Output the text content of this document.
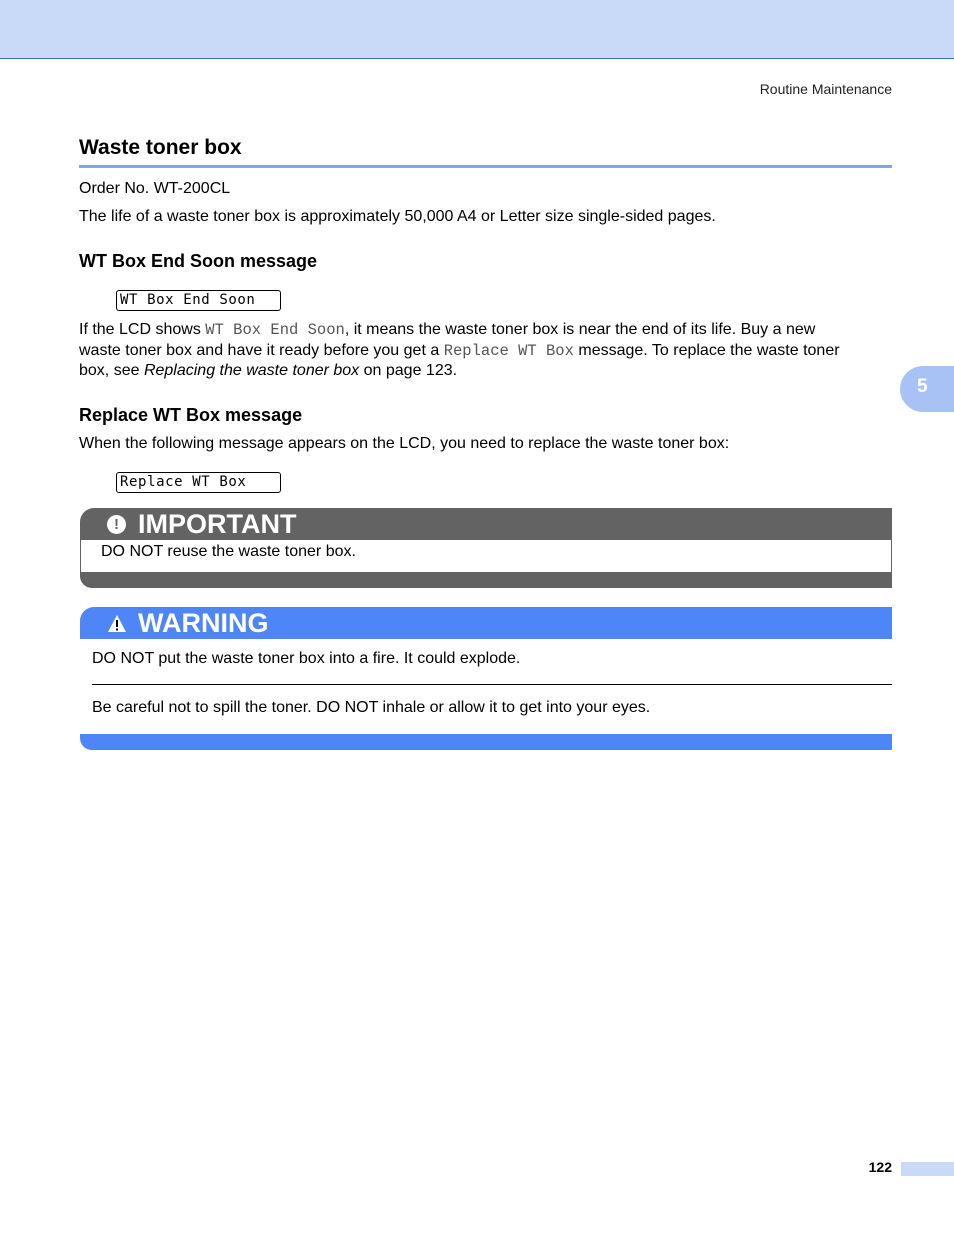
Routine Maintenance
5
Waste toner box

Order No. WT-200CL

The life of a waste toner box is approximately 50,000 A4 or Letter size single-sided pages.

WT Box End Soon message
WT Box End Soon

If the LCD shows WT Box End Soon, it means the waste toner box is near the end of its life. Buy a new
waste toner box and have it ready before you get a Replace WT Box message. To replace the waste toner
box, see Replacing the waste toner box on page 123.

Replace WT Box message

When the following message appears on the LCD, you need to replace the waste toner box:

Replace WT Box
! IMPORTANT

DO NOT reuse the waste toner box.

WARNING

DO NOT put the waste toner box into a fire. It could explode.

Be careful not to spill the toner. DO NOT inhale or allow it to get into your eyes.

122
